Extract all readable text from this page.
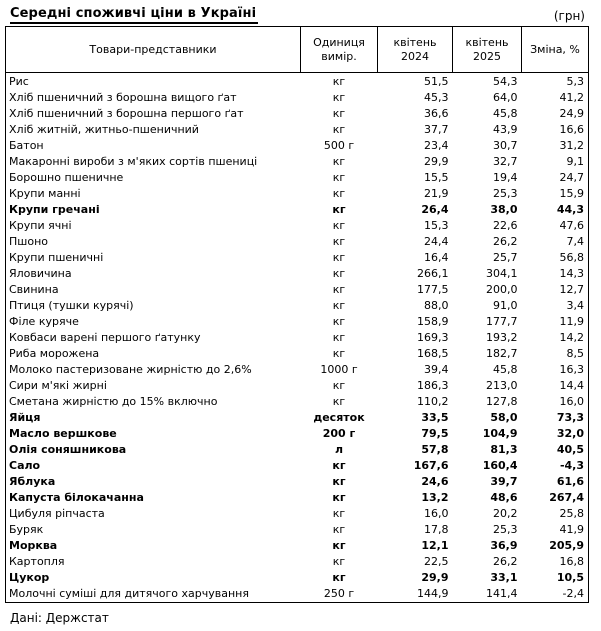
Середні споживчі ціни в Україні	(грн)
Товари-представники	Одиниця вимір.	квітень 2024	квітень 2025	Зміна, %
Рис	кг	51,5	54,3	5,3
Хліб пшеничний з борошна вищого ґат	кг	45,3	64,0	41,2
Хліб пшеничний з борошна першого ґат	кг	36,6	45,8	24,9
Хліб житній, житньо-пшеничний	кг	37,7	43,9	16,6
Батон	500 г	23,4	30,7	31,2
Макаронні вироби з м'яких сортів пшениці	кг	29,9	32,7	9,1
Борошно пшеничне	кг	15,5	19,4	24,7
Крупи манні	кг	21,9	25,3	15,9
Крупи гречані	кг	26,4	38,0	44,3
Крупи ячні	кг	15,3	22,6	47,6
Пшоно	кг	24,4	26,2	7,4
Крупи пшеничні	кг	16,4	25,7	56,8
Яловичина	кг	266,1	304,1	14,3
Свинина	кг	177,5	200,0	12,7
Птиця (тушки курячі)	кг	88,0	91,0	3,4
Філе куряче	кг	158,9	177,7	11,9
Ковбаси варені першого ґатунку	кг	169,3	193,2	14,2
Риба морожена	кг	168,5	182,7	8,5
Молоко пастеризоване жирністю до 2,6%	1000 г	39,4	45,8	16,3
Сири м'які жирні	кг	186,3	213,0	14,4
Сметана жирністю до 15% включно	кг	110,2	127,8	16,0
Яйця	десяток	33,5	58,0	73,3
Масло вершкове	200 г	79,5	104,9	32,0
Олія соняшникова	л	57,8	81,3	40,5
Сало	кг	167,6	160,4	-4,3
Яблука	кг	24,6	39,7	61,6
Капуста білокачанна	кг	13,2	48,6	267,4
Цибуля ріпчаста	кг	16,0	20,2	25,8
Буряк	кг	17,8	25,3	41,9
Морква	кг	12,1	36,9	205,9
Картопля	кг	22,5	26,2	16,8
Цукор	кг	29,9	33,1	10,5
Молочні суміші для дитячого харчування	250 г	144,9	141,4	-2,4
Дані: Держстат
